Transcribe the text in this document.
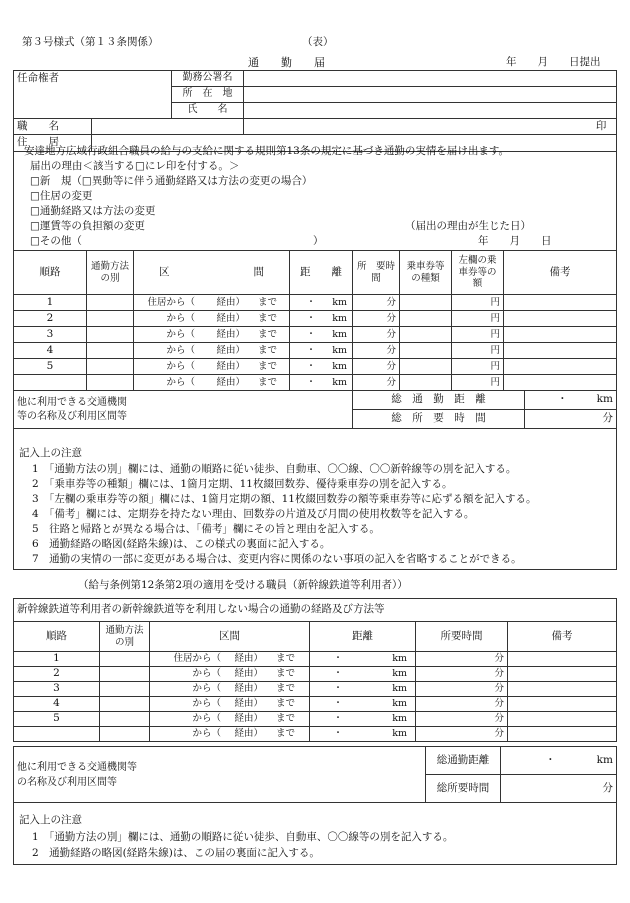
第３号様式（第１３条関係）	（表）
通　　勤　　届	年　　月　　日提出
任命権者		勤務公署名	
		所　在　地	
		氏　　名	
職　　名			印
住　　居			
安達地方広域行政組合職員の給与の支給に関する規則第13条の規定に基づき通勤の実情を届け出ます。
届出の理由＜該当する□にレ印を付する。＞
□新　規（□異動等に伴う通勤経路又は方法の変更の場合）
□住居の変更
□通勤経路又は方法の変更
□運賃等の負担額の変更	（届出の理由が生じた日）
□その他（	）	年　　月　　日
順路	通勤方法の別	区　　　　　　　　間	距　　離	所　要時　間	乗車券等の種類	左欄の乗車券等の額	備考
1		住居から（ 経由） まで	・ km	分		円	
2		から（ 経由） まで	・ km	分		円	
3		から（ 経由） まで	・ km	分		円	
4		から（ 経由） まで	・ km	分		円	
5		から（ 経由） まで	・ km	分		円	
		から（ 経由） まで	・ km	分		円	
他に利用できる交通機関等の名称及び利用区間等		総　通　勤　距　離	・ km

		総　所　要　時　間	分
記入上の注意
1　「通勤方法の別」欄には、通勤の順路に従い徒歩、自動車、〇〇線、〇〇新幹線等の別を記入する。
2　「乗車券等の種類」欄には、1箇月定期、11枚綴回数券、優待乗車券の別を記入する。
3　「左欄の乗車券等の額」欄には、1箇月定期の額、11枚綴回数券の額等乗車券等に応ずる額を記入する。
4　「備考」欄には、定期券を持たない理由、回数券の片道及び月間の使用枚数等を記入する。
5　往路と帰路とが異なる場合は、「備考」欄にその旨と理由を記入する。
6　通勤経路の略図(経路朱線)は、この様式の裏面に記入する。
7　通勤の実情の一部に変更がある場合は、変更内容に関係のない事項の記入を省略することができる。
（給与条例第12条第2項の適用を受ける職員（新幹線鉄道等利用者））
新幹線鉄道等利用者の新幹線鉄道等を利用しない場合の通勤の経路及び方法等					
順路	通勤方法の別	区間	距離	所要時間	備考
1		住居から（ 経由） まで	・ km	分	
2		から（ 経由） まで	・ km	分	
3		から（ 経由） まで	・ km	分	
4		から（ 経由） まで	・ km	分	
5		から（ 経由） まで	・ km	分	
		から（ 経由） まで	・ km	分	
他に利用できる交通機関等の名称及び利用区間等		総通勤距離	・ km

		総所要時間	分
記入上の注意
1　「通勤方法の別」欄には、通勤の順路に従い徒歩、自動車、〇〇線等の別を記入する。
2　通勤経路の略図(経路朱線)は、この届の裏面に記入する。
